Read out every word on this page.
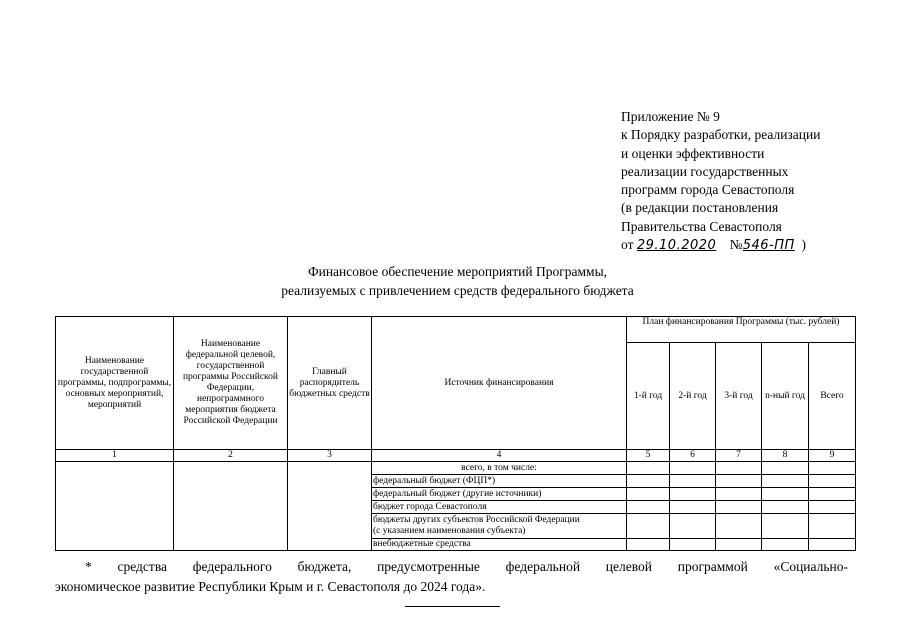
Приложение № 9
к Порядку разработки, реализации
и оценки эффективности
реализации государственных
программ города Севастополя
(в редакции постановления
Правительства Севастополя
от 29.10.2020 №546-ПП )
Финансовое обеспечение мероприятий Программы,
реализуемых с привлечением средств федерального бюджета
Наименование государственной программы, подпрограммы, основных мероприятий, мероприятий	Наименование федеральной целевой, государственной программы Российской Федерации, непрограммного мероприятия бюджета Российской Федерации	Главный распорядитель бюджетных средств	Источник финансирования	План финансирования Программы (тыс. рублей)				
				1-й год	2-й год	3-й год	n-ный год	Всего
1	2	3	4	5	6	7	8	9
			всего, в том числе:					
			федеральный бюджет (ФЦП*)					
			федеральный бюджет (другие источники)					
			бюджет города Севастополя					

			бюджеты других субъектов Российской Федерации
(с указанием наименования субъекта)					

			внебюджетные средства					
* средства федерального бюджета, предусмотренные федеральной целевой программой «Социально-
экономическое развитие Республики Крым и г. Севастополя до 2024 года».
